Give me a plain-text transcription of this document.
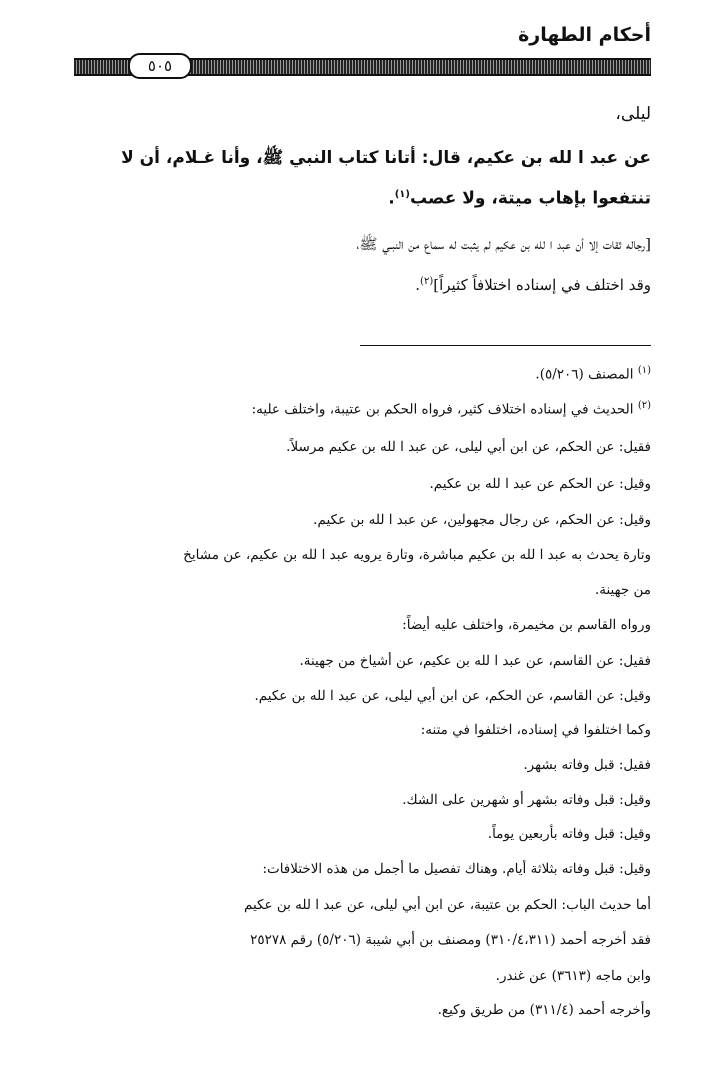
أحكام الطهارة
٥٠٥
ليلى،
عن عبد ا لله بن عكيم، قال: أتانا كتاب النبي ﷺ، وأنا غـلام، أن لا
تنتفعوا بإهاب ميتة، ولا عصب$^{(١)}$.
[رجاله ثقات إلا أن عبد ا لله بن عكيم لم يثبت له سماع من النبـي ﷺ،
وقد اختلف في إسناده اختلافاً كثيراً]$^{(٢)}$.
$^{(١)}$ المصنف (٥/٢٠٦).
$^{(٢)}$ الحديث في إسناده اختلاف كثير، فرواه الحكم بن عتيبة، واختلف عليه:
فقيل: عن الحكم، عن ابن أبي ليلى، عن عبد ا لله بن عكيم مرسلاً.
وقيل: عن الحكم عن عبد ا لله بن عكيم.
وقيل: عن الحكم، عن رجال مجهولين، عن عبد ا لله بن عكيم.
وتارة يحدث به عبد ا لله بن عكيم مباشرة، وتارة يرويه عبد ا لله بن عكيم، عن مشايخ
من جهينة.
ورواه القاسم بن مخيمرة، واختلف عليه أيضاً:
فقيل: عن القاسم، عن عبد ا لله بن عكيم، عن أشياخ من جهينة.
وقيل: عن القاسم، عن الحكم، عن ابن أبي ليلى، عن عبد ا لله بن عكيم.
وكما اختلفوا في إسناده، اختلفوا في متنه:
فقيل: قبل وفاته بشهر.
وقيل: قبل وفاته بشهر أو شهرين على الشك.
وقيل: قبل وفاته بأربعين يوماً.
وقيل: قبل وفاته بثلاثة أيام. وهناك تفصيل ما أجمل من هذه الاختلافات:
أما حديث الباب: الحكم بن عتيبة، عن ابن أبي ليلى، عن عبد ا لله بن عكيم
فقد أخرجه أحمد (٣١٠/٤،٣١١) ومصنف بن أبي شيبة (٥/٢٠٦) رقم ٢٥٢٧٨
وابن ماجه (٣٦١٣) عن غندر.
وأخرجه أحمد (٣١١/٤) من طريق وكيع.
